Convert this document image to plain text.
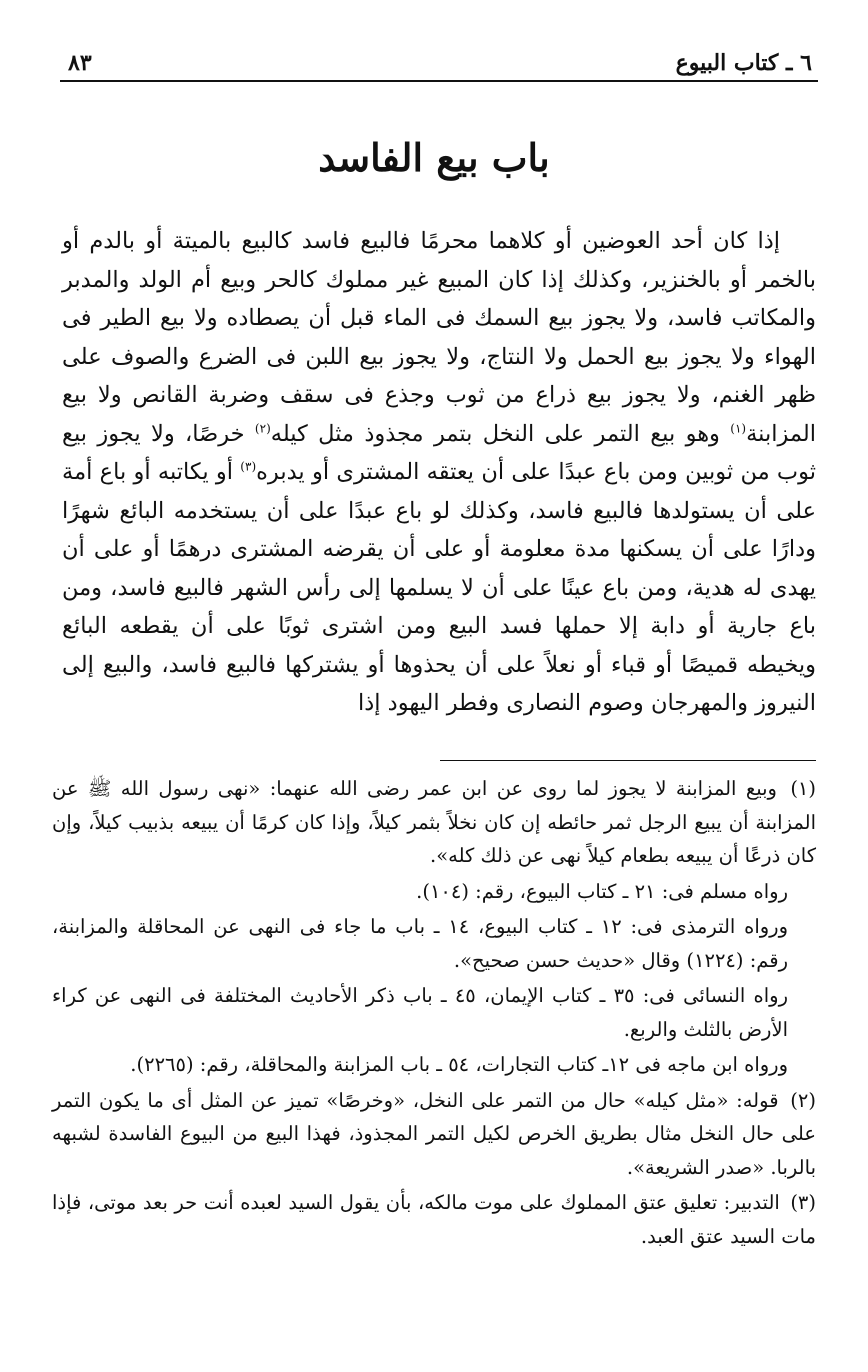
٦ ـ كتاب البيوع
٨٣
باب بيع الفاسد

إذا كان أحد العوضين أو كلاهما محرمًا فالبيع فاسد كالبيع بالميتة أو بالدم أو بالخمر أو بالخنزير، وكذلك إذا كان المبيع غير مملوك كالحر وبيع أم الولد والمدبر والمكاتب فاسد، ولا يجوز بيع السمك فى الماء قبل أن يصطاده ولا بيع الطير فى الهواء ولا يجوز بيع الحمل ولا النتاج، ولا يجوز بيع اللبن فى الضرع والصوف على ظهر الغنم، ولا يجوز بيع ذراع من ثوب وجذع فى سقف وضربة القانص ولا بيع المزابنة$^{(١)}$ وهو بيع التمر على النخل بتمر مجذوذ مثل كيله$^{(٢)}$ خرصًا، ولا يجوز بيع ثوب من ثوبين ومن باع عبدًا على أن يعتقه المشترى أو يدبره$^{(٣)}$ أو يكاتبه أو باع أمة على أن يستولدها فالبيع فاسد، وكذلك لو باع عبدًا على أن يستخدمه البائع شهرًا ودارًا على أن يسكنها مدة معلومة أو على أن يقرضه المشترى درهمًا أو على أن يهدى له هدية، ومن باع عينًا على أن لا يسلمها إلى رأس الشهر فالبيع فاسد، ومن باع جارية أو دابة إلا حملها فسد البيع ومن اشترى ثوبًا على أن يقطعه البائع ويخيطه قميصًا أو قباء أو نعلاً على أن يحذوها أو يشتركها فالبيع فاسد، والبيع إلى النيروز والمهرجان وصوم النصارى وفطر اليهود إذا

(١) وبيع المزابنة لا يجوز لما روى عن ابن عمر رضى الله عنهما: «نهى رسول الله ﷺ عن المزابنة أن يبيع الرجل ثمر حائطه إن كان نخلاً بثمر كيلاً، وإذا كان كرمًا أن يبيعه بذبيب كيلاً، وإن كان ذرعًا أن يبيعه بطعام كيلاً نهى عن ذلك كله».

رواه مسلم فى: ٢١ ـ كتاب البيوع، رقم: (١٠٤).

ورواه الترمذى فى: ١٢ ـ كتاب البيوع، ١٤ ـ باب ما جاء فى النهى عن المحاقلة والمزابنة، رقم: (١٢٢٤) وقال «حديث حسن صحيح».

رواه النسائى فى: ٣٥ ـ كتاب الإيمان، ٤٥ ـ باب ذكر الأحاديث المختلفة فى النهى عن كراء الأرض بالثلث والربع.

ورواه ابن ماجه فى ١٢ـ كتاب التجارات، ٥٤ ـ باب المزابنة والمحاقلة، رقم: (٢٢٦٥).

(٢) قوله: «مثل كيله» حال من التمر على النخل، «وخرصًا» تميز عن المثل أى ما يكون التمر على حال النخل مثال بطريق الخرص لكيل التمر المجذوذ، فهذا البيع من البيوع الفاسدة لشبهه بالربا. «صدر الشريعة».

(٣) التدبير: تعليق عتق المملوك على موت مالكه، بأن يقول السيد لعبده أنت حر بعد موتى، فإذا مات السيد عتق العبد.
